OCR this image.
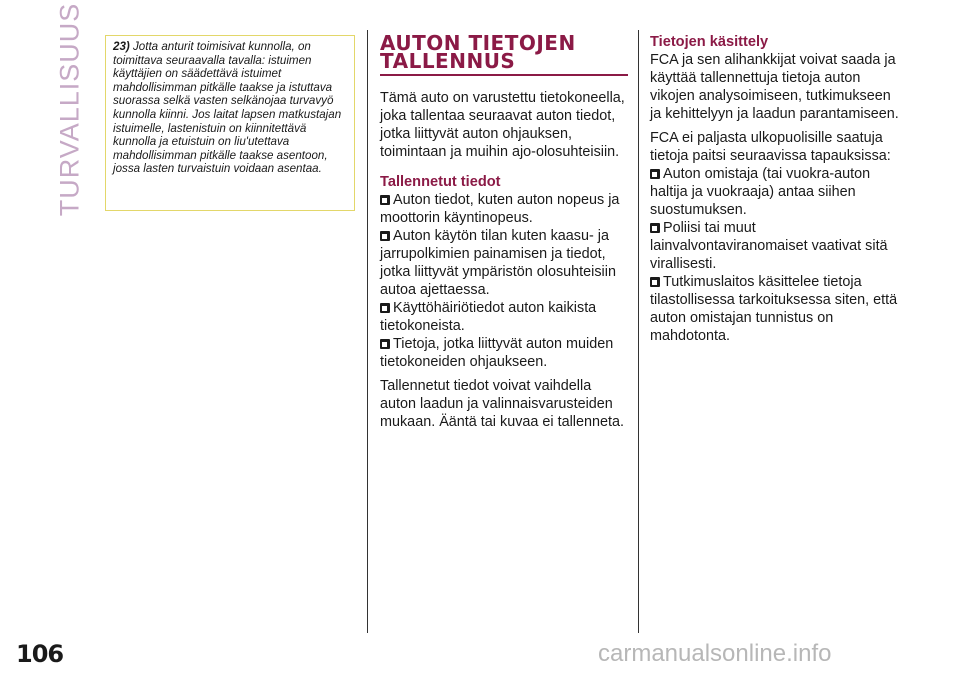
TURVALLISUUS	23) Jotta anturit toimisivat kunnolla, on toimittava seuraavalla tavalla: istuimen käyttäjien on säädettävä istuimet mahdollisimman pitkälle taakse ja istuttava suorassa selkä vasten selkänojaa turvavyö kunnolla kiinni. Jos laitat lapsen matkustajan istuimelle, lastenistuin on kiinnitettävä kunnolla ja etuistuin on liu'utettava mahdollisimman pitkälle taakse asentoon, jossa lasten turvaistuin voidaan asentaa.
AUTON TIETOJEN TALLENNUS

Tämä auto on varustettu tietokoneella, joka tallentaa seuraavat auton tiedot, jotka liittyvät auton ohjauksen, toimintaan ja muihin ajo-olosuhteisiin.

Tallennetut tiedot

Auton tiedot, kuten auton nopeus ja moottorin käyntinopeus.

Auton käytön tilan kuten kaasu- ja jarrupolkimien painamisen ja tiedot, jotka liittyvät ympäristön olosuhteisiin autoa ajettaessa.

Käyttöhäiriötiedot auton kaikista tietokoneista.

Tietoja, jotka liittyvät auton muiden tietokoneiden ohjaukseen.

Tallennetut tiedot voivat vaihdella auton laadun ja valinnaisvarusteiden mukaan. Ääntä tai kuvaa ei tallenneta.

Tietojen käsittely

FCA ja sen alihankkijat voivat saada ja käyttää tallennettuja tietoja auton vikojen analysoimiseen, tutkimukseen ja kehittelyyn ja laadun parantamiseen.

FCA ei paljasta ulkopuolisille saatuja tietoja paitsi seuraavissa tapauksissa:

Auton omistaja (tai vuokra-auton haltija ja vuokraaja) antaa siihen suostumuksen.

Poliisi tai muut lainvalvontaviranomaiset vaativat sitä virallisesti.

Tutkimuslaitos käsittelee tietoja tilastollisessa tarkoituksessa siten, että auton omistajan tunnistus on mahdotonta.

106	carmanualsonline.info
